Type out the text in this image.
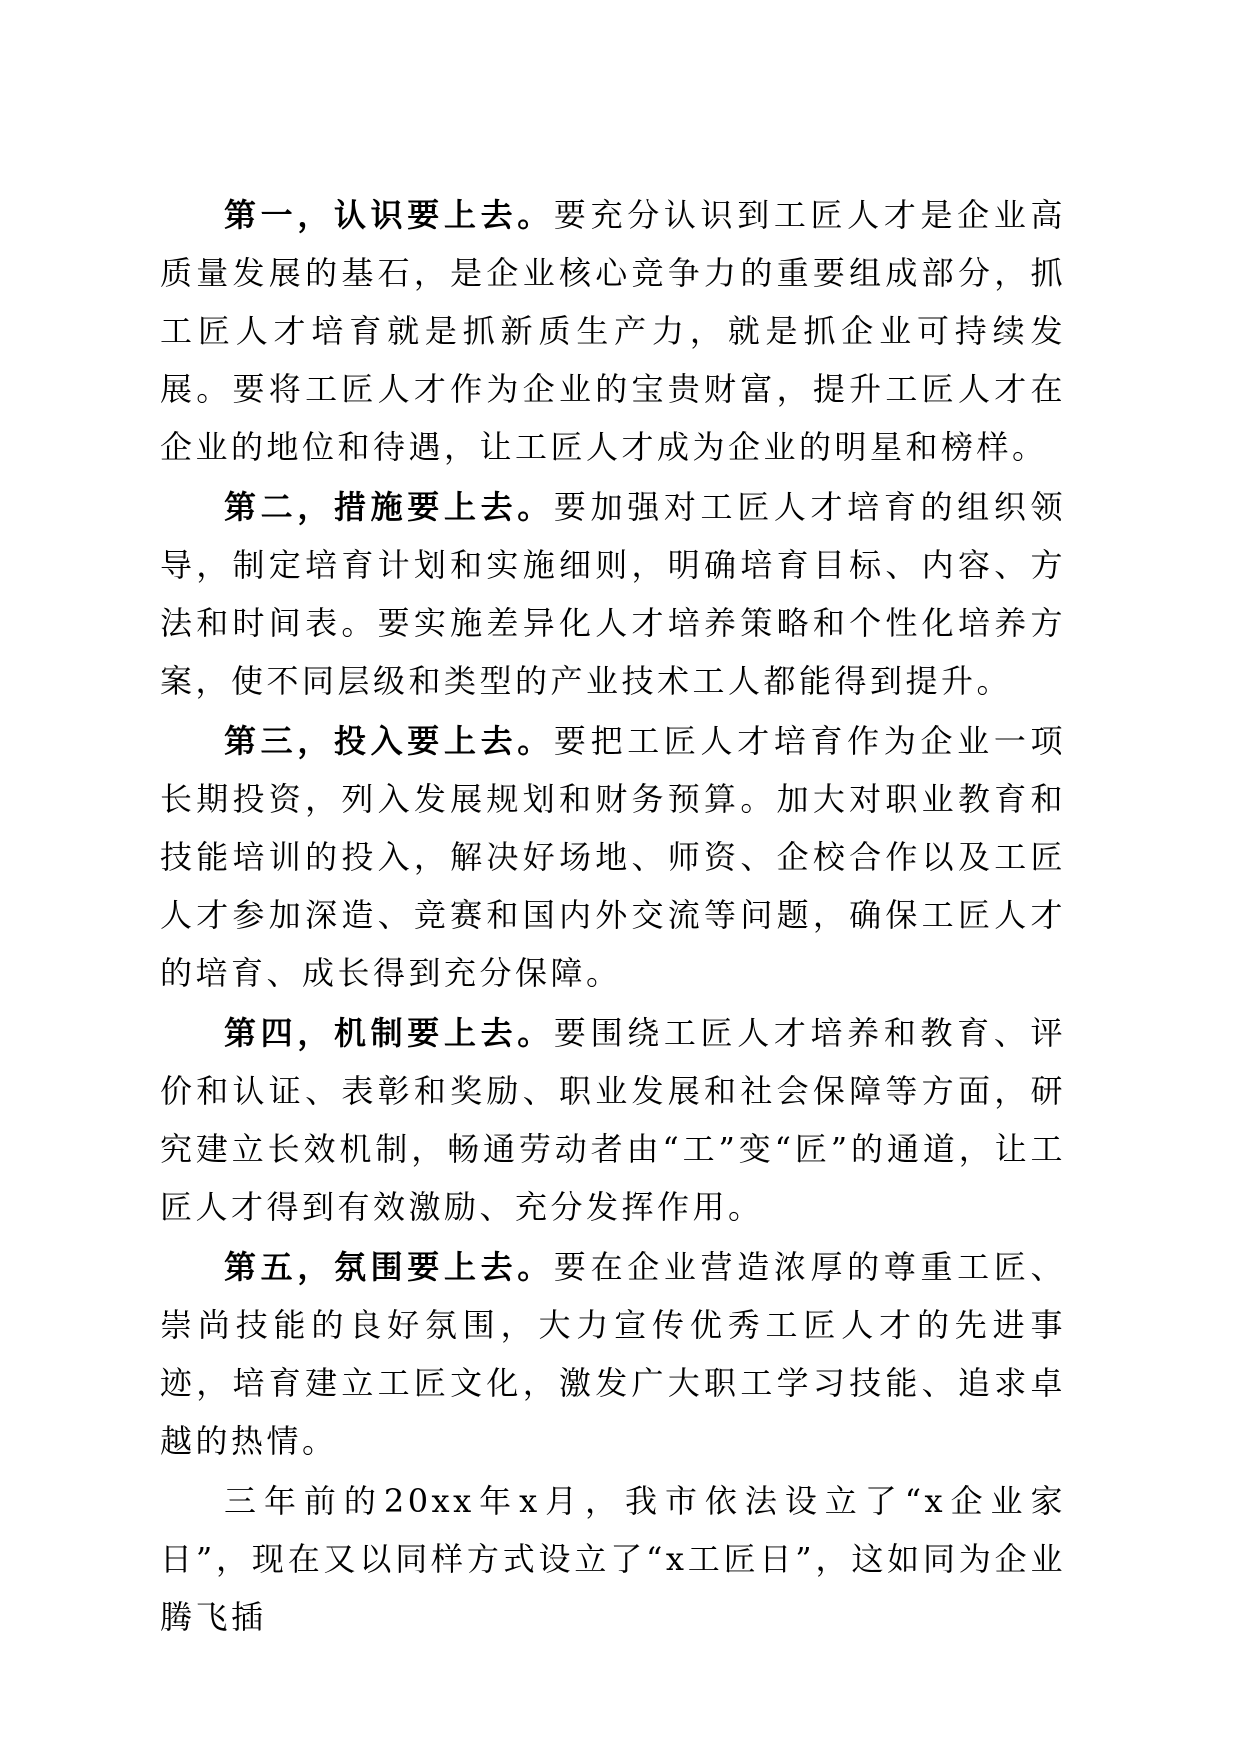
第一，认识要上去。要充分认识到工匠人才是企业高质量发展的基石，是企业核心竞争力的重要组成部分，抓工匠人才培育就是抓新质生产力，就是抓企业可持续发展。要将工匠人才作为企业的宝贵财富，提升工匠人才在企业的地位和待遇，让工匠人才成为企业的明星和榜样。

第二，措施要上去。要加强对工匠人才培育的组织领导，制定培育计划和实施细则，明确培育目标、内容、方法和时间表。要实施差异化人才培养策略和个性化培养方案，使不同层级和类型的产业技术工人都能得到提升。

第三，投入要上去。要把工匠人才培育作为企业一项长期投资，列入发展规划和财务预算。加大对职业教育和技能培训的投入，解决好场地、师资、企校合作以及工匠人才参加深造、竞赛和国内外交流等问题，确保工匠人才的培育、成长得到充分保障。

第四，机制要上去。要围绕工匠人才培养和教育、评价和认证、表彰和奖励、职业发展和社会保障等方面，研究建立长效机制，畅通劳动者由“工”变“匠”的通道，让工匠人才得到有效激励、充分发挥作用。

第五，氛围要上去。要在企业营造浓厚的尊重工匠、崇尚技能的良好氛围，大力宣传优秀工匠人才的先进事迹，培育建立工匠文化，激发广大职工学习技能、追求卓越的热情。

三年前的20xx年x月，我市依法设立了“x企业家日”，现在又以同样方式设立了“x工匠日”，这如同为企业腾飞插
